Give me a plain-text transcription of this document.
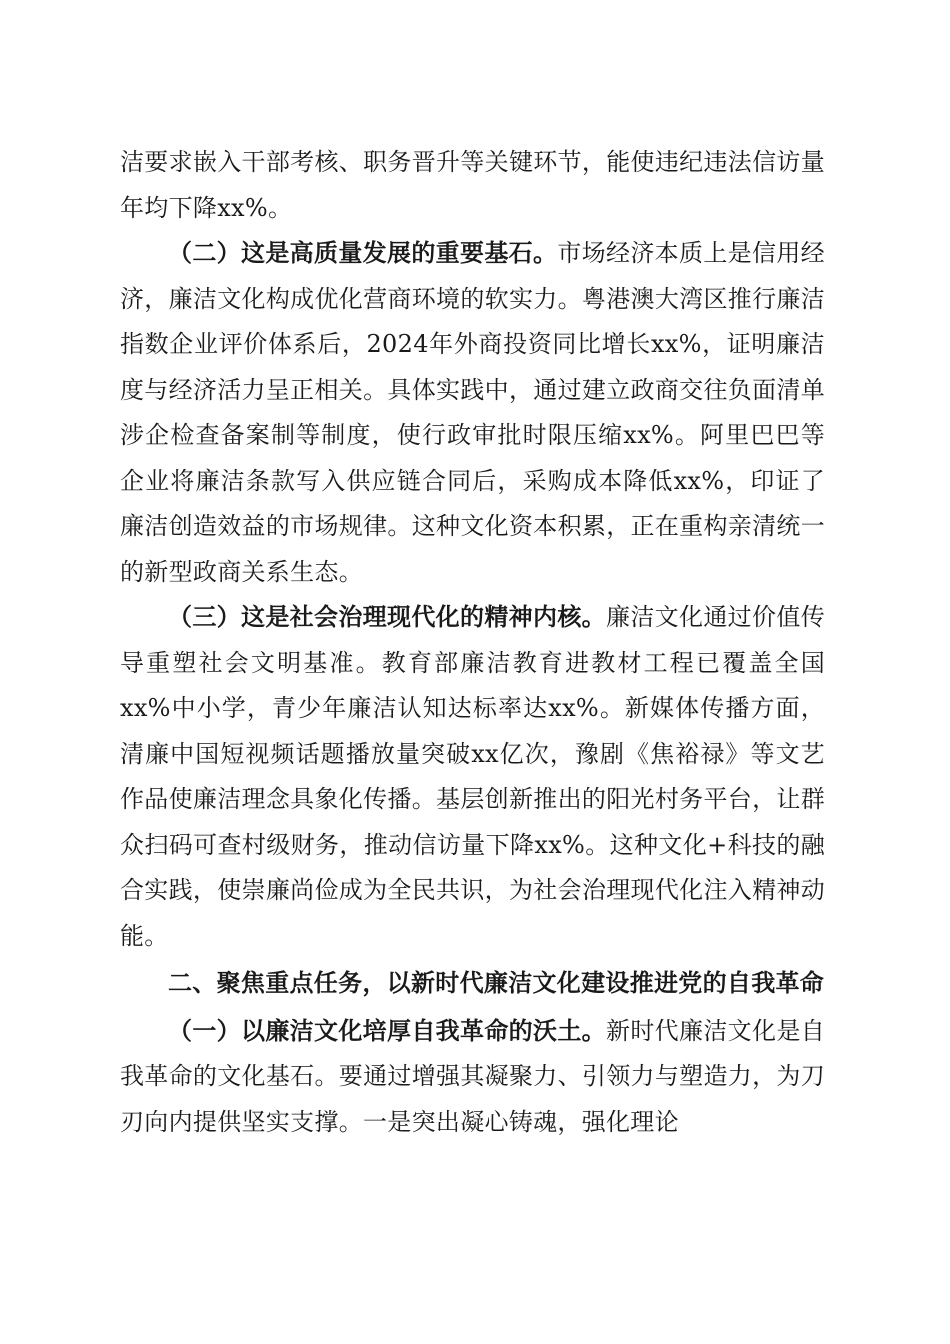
洁要求嵌入干部考核、职务晋升等关键环节，能使违纪违法信访量年均下降xx%。

（二）这是高质量发展的重要基石。市场经济本质上是信用经济，廉洁文化构成优化营商环境的软实力。粤港澳大湾区推行廉洁指数企业评价体系后，2024年外商投资同比增长xx%，证明廉洁度与经济活力呈正相关。具体实践中，通过建立政商交往负面清单涉企检查备案制等制度，使行政审批时限压缩xx%。阿里巴巴等企业将廉洁条款写入供应链合同后，采购成本降低xx%，印证了廉洁创造效益的市场规律。这种文化资本积累，正在重构亲清统一的新型政商关系生态。

（三）这是社会治理现代化的精神内核。廉洁文化通过价值传导重塑社会文明基准。教育部廉洁教育进教材工程已覆盖全国xx%中小学，青少年廉洁认知达标率达xx%。新媒体传播方面，清廉中国短视频话题播放量突破xx亿次，豫剧《焦裕禄》等文艺作品使廉洁理念具象化传播。基层创新推出的阳光村务平台，让群众扫码可查村级财务，推动信访量下降xx%。这种文化+科技的融合实践，使崇廉尚俭成为全民共识，为社会治理现代化注入精神动能。

二、聚焦重点任务，以新时代廉洁文化建设推进党的自我革命

（一）以廉洁文化培厚自我革命的沃土。新时代廉洁文化是自我革命的文化基石。要通过增强其凝聚力、引领力与塑造力，为刀刃向内提供坚实支撑。一是突出凝心铸魂，强化理论
